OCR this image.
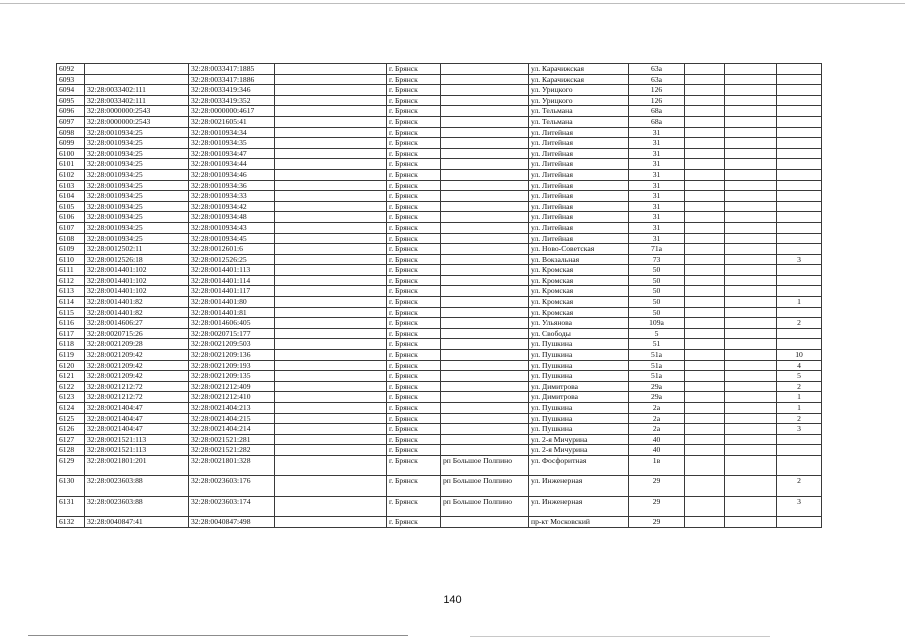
6092		32:28:0033417:1885		г. Брянск		ул. Карачижская	63а			
6093		32:28:0033417:1886		г. Брянск		ул. Карачижская	63а			
6094	32:28:0033402:111	32:28:0033419:346		г. Брянск		ул. Урицкого	126			
6095	32:28:0033402:111	32:28:0033419:352		г. Брянск		ул. Урицкого	126			
6096	32:28:0000000:2543	32:28:0000000:4617		г. Брянск		ул. Тельмана	68а			
6097	32:28:0000000:2543	32:28:0021605:41		г. Брянск		ул. Тельмана	68а			
6098	32:28:0010934:25	32:28:0010934:34		г. Брянск		ул. Литейная	31			
6099	32:28:0010934:25	32:28:0010934:35		г. Брянск		ул. Литейная	31			
6100	32:28:0010934:25	32:28:0010934:47		г. Брянск		ул. Литейная	31			
6101	32:28:0010934:25	32:28:0010934:44		г. Брянск		ул. Литейная	31			
6102	32:28:0010934:25	32:28:0010934:46		г. Брянск		ул. Литейная	31			
6103	32:28:0010934:25	32:28:0010934:36		г. Брянск		ул. Литейная	31			
6104	32:28:0010934:25	32:28:0010934:33		г. Брянск		ул. Литейная	31			
6105	32:28:0010934:25	32:28:0010934:42		г. Брянск		ул. Литейная	31			
6106	32:28:0010934:25	32:28:0010934:48		г. Брянск		ул. Литейная	31			
6107	32:28:0010934:25	32:28:0010934:43		г. Брянск		ул. Литейная	31			
6108	32:28:0010934:25	32:28:0010934:45		г. Брянск		ул. Литейная	31			
6109	32:28:0012502:11	32:28:0012601:6		г. Брянск		ул. Ново-Советская	71а			
6110	32:28:0012526:18	32:28:0012526:25		г. Брянск		ул. Вокзальная	73			3
6111	32:28:0014401:102	32:28:0014401:113		г. Брянск		ул. Кромская	50			
6112	32:28:0014401:102	32:28:0014401:114		г. Брянск		ул. Кромская	50			
6113	32:28:0014401:102	32:28:0014401:117		г. Брянск		ул. Кромская	50			
6114	32:28:0014401:82	32:28:0014401:80		г. Брянск		ул. Кромская	50			1
6115	32:28:0014401:82	32:28:0014401:81		г. Брянск		ул. Кромская	50			
6116	32:28:0014606:27	32:28:0014606:405		г. Брянск		ул. Ульянова	109а			2
6117	32:28:0020715:26	32:28:0020715:177		г. Брянск		ул. Свободы	5			
6118	32:28:0021209:28	32:28:0021209:503		г. Брянск		ул. Пушкина	51			
6119	32:28:0021209:42	32:28:0021209:136		г. Брянск		ул. Пушкина	51а			10
6120	32:28:0021209:42	32:28:0021209:193		г. Брянск		ул. Пушкина	51а			4
6121	32:28:0021209:42	32:28:0021209:135		г. Брянск		ул. Пушкина	51а			5
6122	32:28:0021212:72	32:28:0021212:409		г. Брянск		ул. Димитрова	29а			2
6123	32:28:0021212:72	32:28:0021212:410		г. Брянск		ул. Димитрова	29а			1
6124	32:28:0021404:47	32:28:0021404:213		г. Брянск		ул. Пушкина	2а			1
6125	32:28:0021404:47	32:28:0021404:215		г. Брянск		ул. Пушкина	2а			2
6126	32:28:0021404:47	32:28:0021404:214		г. Брянск		ул. Пушкина	2а			3
6127	32:28:0021521:113	32:28:0021521:281		г. Брянск		ул. 2-я Мичурина	40			
6128	32:28:0021521:113	32:28:0021521:282		г. Брянск		ул. 2-я Мичурина	40			
6129	32:28:0021801:201	32:28:0021801:328		г. Брянск	рп Большое Полпино	ул. Фосфоритная	1в			
6130	32:28:0023603:88	32:28:0023603:176		г. Брянск	рп Большое Полпино	ул. Инженерная	29			2
6131	32:28:0023603:88	32:28:0023603:174		г. Брянск	рп Большое Полпино	ул. Инженерная	29			3
6132	32:28:0040847:41	32:28:0040847:498		г. Брянск		пр-кт Московский	29			
140
